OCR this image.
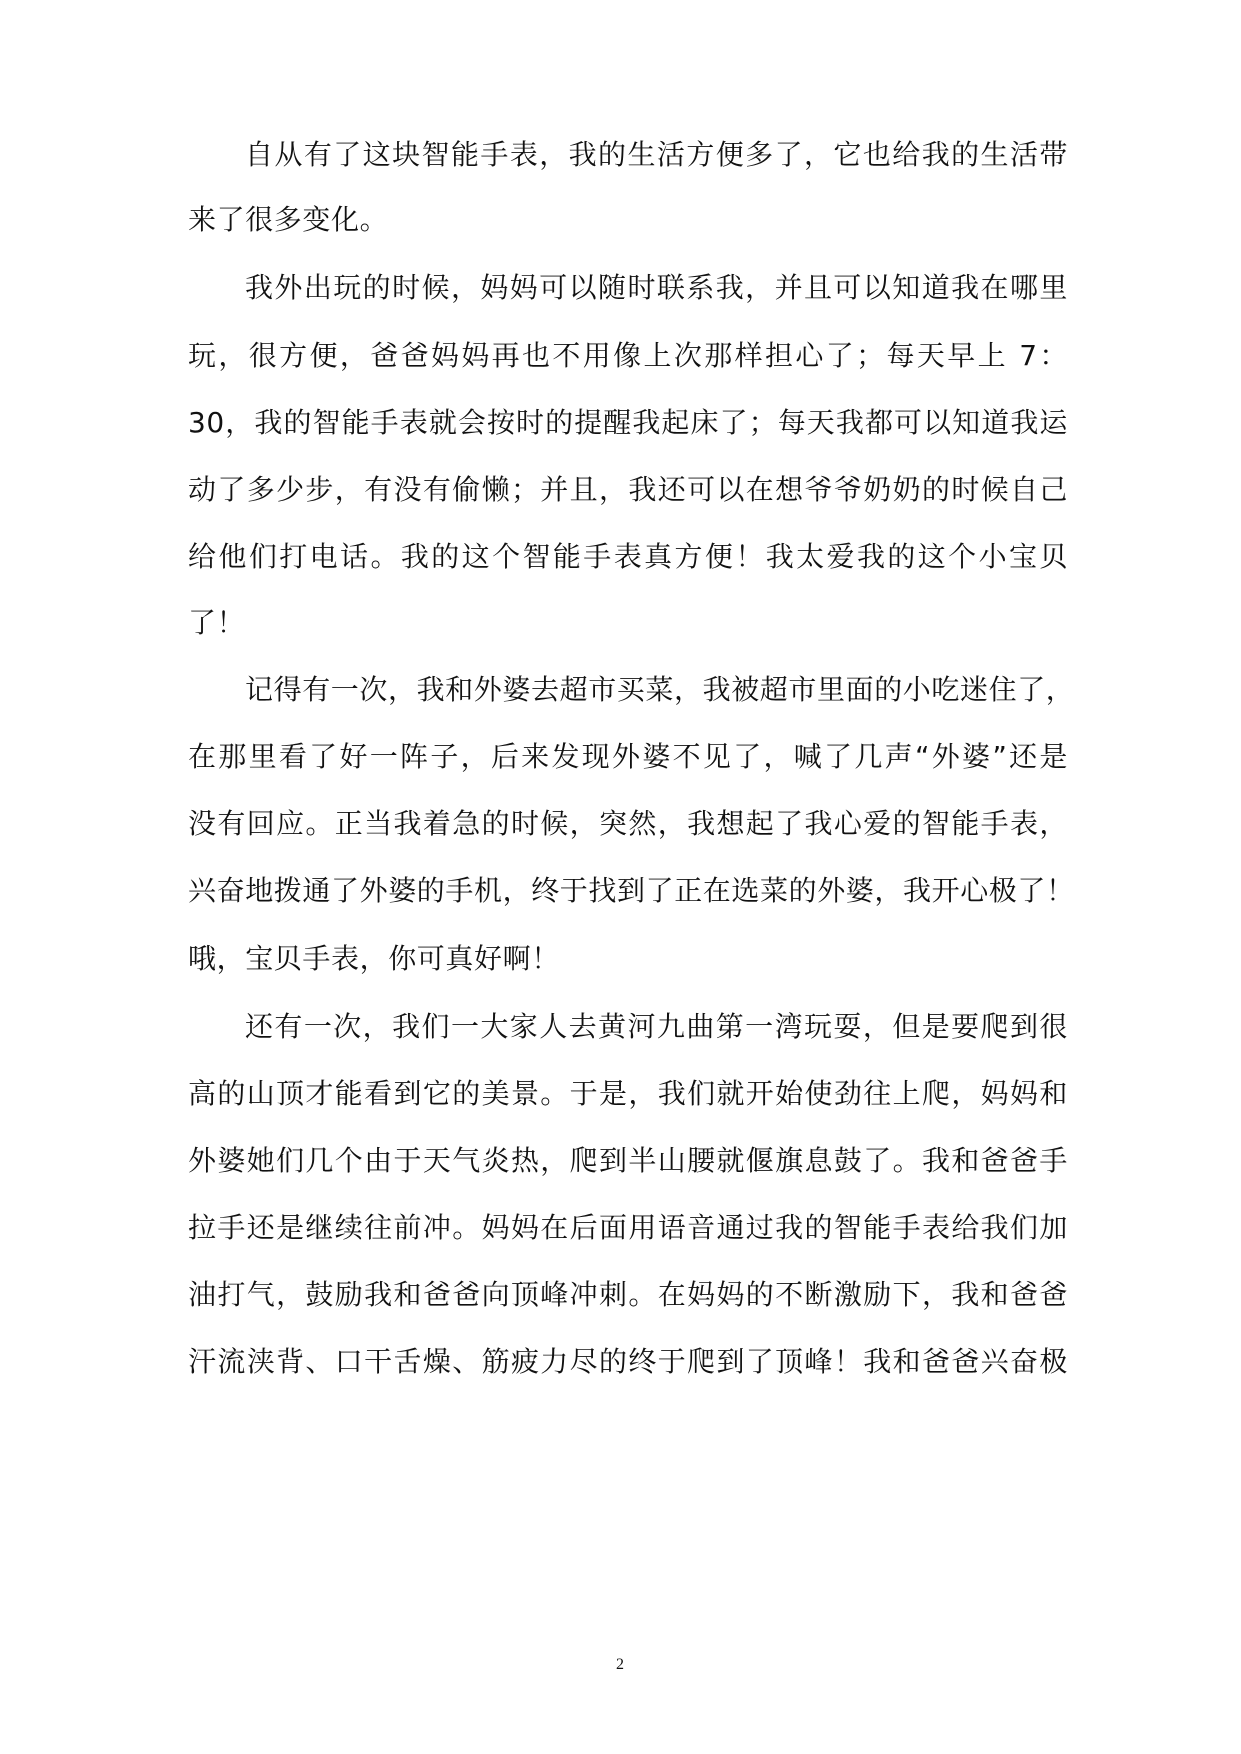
自从有了这块智能手表，我的生活方便多了，它也给我的生活带
来了很多变化。
我外出玩的时候，妈妈可以随时联系我，并且可以知道我在哪里
玩，很方便，爸爸妈妈再也不用像上次那样担心了；每天早上 7：
30，我的智能手表就会按时的提醒我起床了；每天我都可以知道我运
动了多少步，有没有偷懒；并且，我还可以在想爷爷奶奶的时候自己
给他们打电话。我的这个智能手表真方便！我太爱我的这个小宝贝
了！
记得有一次，我和外婆去超市买菜，我被超市里面的小吃迷住了，
在那里看了好一阵子，后来发现外婆不见了，喊了几声“外婆”还是
没有回应。正当我着急的时候，突然，我想起了我心爱的智能手表，
兴奋地拨通了外婆的手机，终于找到了正在选菜的外婆，我开心极了！
哦，宝贝手表，你可真好啊！
还有一次，我们一大家人去黄河九曲第一湾玩耍，但是要爬到很
高的山顶才能看到它的美景。于是，我们就开始使劲往上爬，妈妈和
外婆她们几个由于天气炎热，爬到半山腰就偃旗息鼓了。我和爸爸手
拉手还是继续往前冲。妈妈在后面用语音通过我的智能手表给我们加
油打气，鼓励我和爸爸向顶峰冲刺。在妈妈的不断激励下，我和爸爸
汗流浃背、口干舌燥、筋疲力尽的终于爬到了顶峰！我和爸爸兴奋极
2
